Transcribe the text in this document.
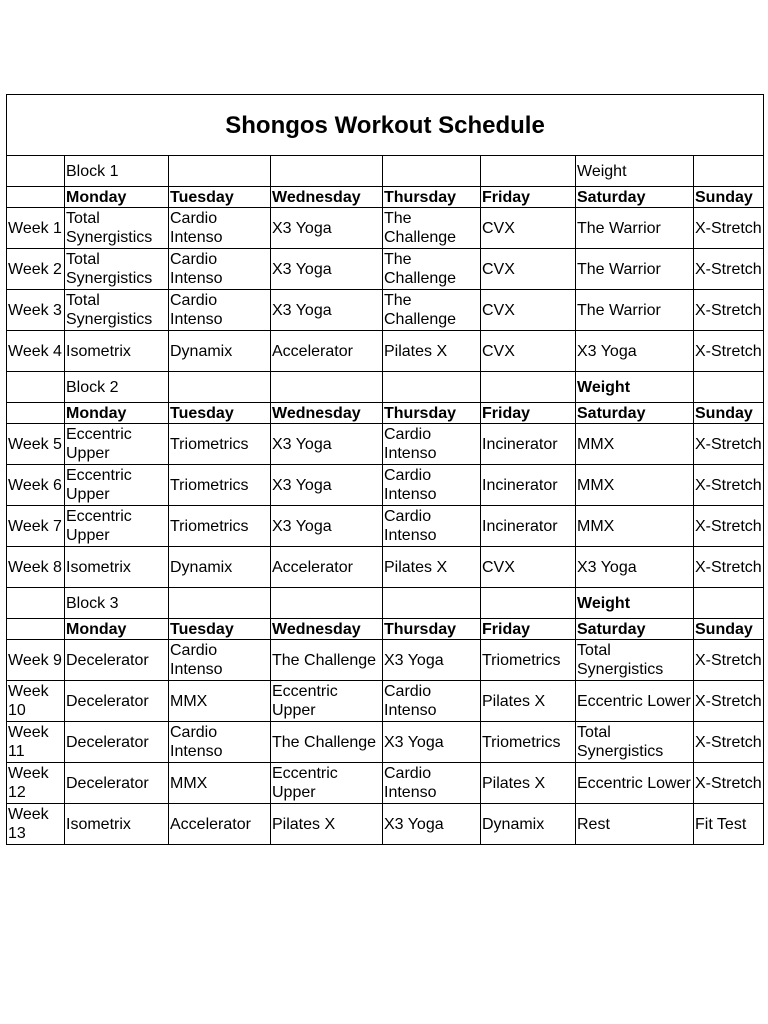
Shongos Workout Schedule							
	Block 1					Weight	
	Monday	Tuesday	Wednesday	Thursday	Friday	Saturday	Sunday
Week 1	Total Synergistics	Cardio Intenso	X3 Yoga	The Challenge	CVX	The Warrior	X-Stretch
Week 2	Total Synergistics	Cardio Intenso	X3 Yoga	The Challenge	CVX	The Warrior	X-Stretch
Week 3	Total Synergistics	Cardio Intenso	X3 Yoga	The Challenge	CVX	The Warrior	X-Stretch
Week 4	Isometrix	Dynamix	Accelerator	Pilates X	CVX	X3 Yoga	X-Stretch
	Block 2					Weight	
	Monday	Tuesday	Wednesday	Thursday	Friday	Saturday	Sunday
Week 5	Eccentric Upper	Triometrics	X3 Yoga	Cardio Intenso	Incinerator	MMX	X-Stretch
Week 6	Eccentric Upper	Triometrics	X3 Yoga	Cardio Intenso	Incinerator	MMX	X-Stretch
Week 7	Eccentric Upper	Triometrics	X3 Yoga	Cardio Intenso	Incinerator	MMX	X-Stretch
Week 8	Isometrix	Dynamix	Accelerator	Pilates X	CVX	X3 Yoga	X-Stretch
	Block 3					Weight	
	Monday	Tuesday	Wednesday	Thursday	Friday	Saturday	Sunday
Week 9	Decelerator	Cardio Intenso	The Challenge	X3 Yoga	Triometrics	Total Synergistics	X-Stretch
Week 10	Decelerator	MMX	Eccentric Upper	Cardio Intenso	Pilates X	Eccentric Lower	X-Stretch
Week 11	Decelerator	Cardio Intenso	The Challenge	X3 Yoga	Triometrics	Total Synergistics	X-Stretch
Week 12	Decelerator	MMX	Eccentric Upper	Cardio Intenso	Pilates X	Eccentric Lower	X-Stretch
Week 13	Isometrix	Accelerator	Pilates X	X3 Yoga	Dynamix	Rest	Fit Test
